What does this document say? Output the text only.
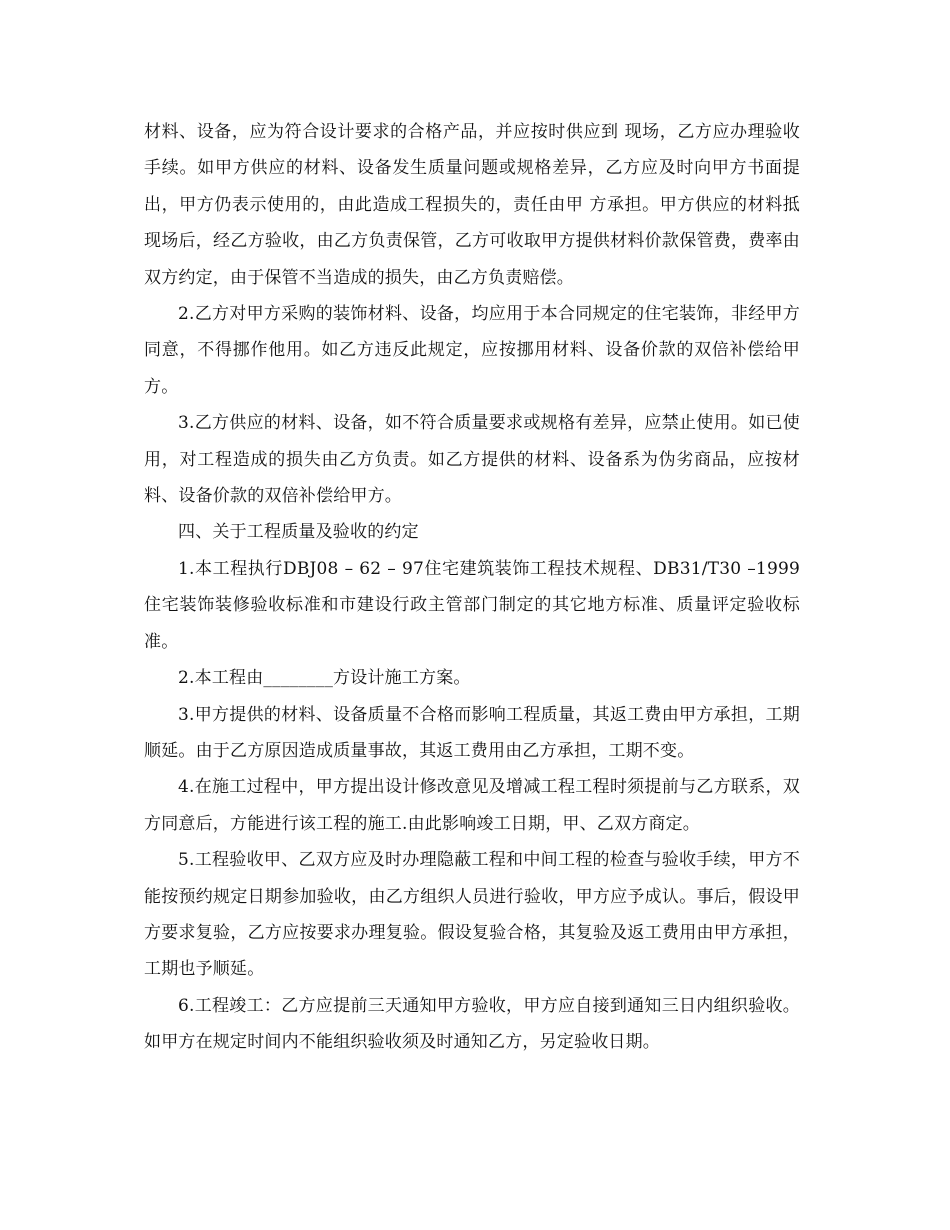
材料、设备，应为符合设计要求的合格产品，并应按时供应到 现场，乙方应办理验收手续。如甲方供应的材料、设备发生质量问题或规格差异，乙方应及时向甲方书面提出，甲方仍表示使用的，由此造成工程损失的，责任由甲 方承担。甲方供应的材料抵现场后，经乙方验收，由乙方负责保管，乙方可收取甲方提供材料价款保管费，费率由双方约定，由于保管不当造成的损失，由乙方负责赔偿。

2.乙方对甲方采购的装饰材料、设备，均应用于本合同规定的住宅装饰，非经甲方同意，不得挪作他用。如乙方违反此规定，应按挪用材料、设备价款的双倍补偿给甲方。

3.乙方供应的材料、设备，如不符合质量要求或规格有差异，应禁止使用。如已使用，对工程造成的损失由乙方负责。如乙方提供的材料、设备系为伪劣商品，应按材料、设备价款的双倍补偿给甲方。

四、关于工程质量及验收的约定

1.本工程执行DBJ08 – 62 – 97住宅建筑装饰工程技术规程、DB31/T30 –1999住宅装饰装修验收标准和市建设行政主管部门制定的其它地方标准、质量评定验收标准。

2.本工程由________方设计施工方案。

3.甲方提供的材料、设备质量不合格而影响工程质量，其返工费由甲方承担，工期顺延。由于乙方原因造成质量事故，其返工费用由乙方承担，工期不变。

4.在施工过程中，甲方提出设计修改意见及增减工程工程时须提前与乙方联系，双方同意后，方能进行该工程的施工.由此影响竣工日期，甲、乙双方商定。

5.工程验收甲、乙双方应及时办理隐蔽工程和中间工程的检查与验收手续，甲方不能按预约规定日期参加验收，由乙方组织人员进行验收，甲方应予成认。事后，假设甲方要求复验，乙方应按要求办理复验。假设复验合格，其复验及返工费用由甲方承担，工期也予顺延。

6.工程竣工：乙方应提前三天通知甲方验收，甲方应自接到通知三日内组织验收。如甲方在规定时间内不能组织验收须及时通知乙方，另定验收日期。
